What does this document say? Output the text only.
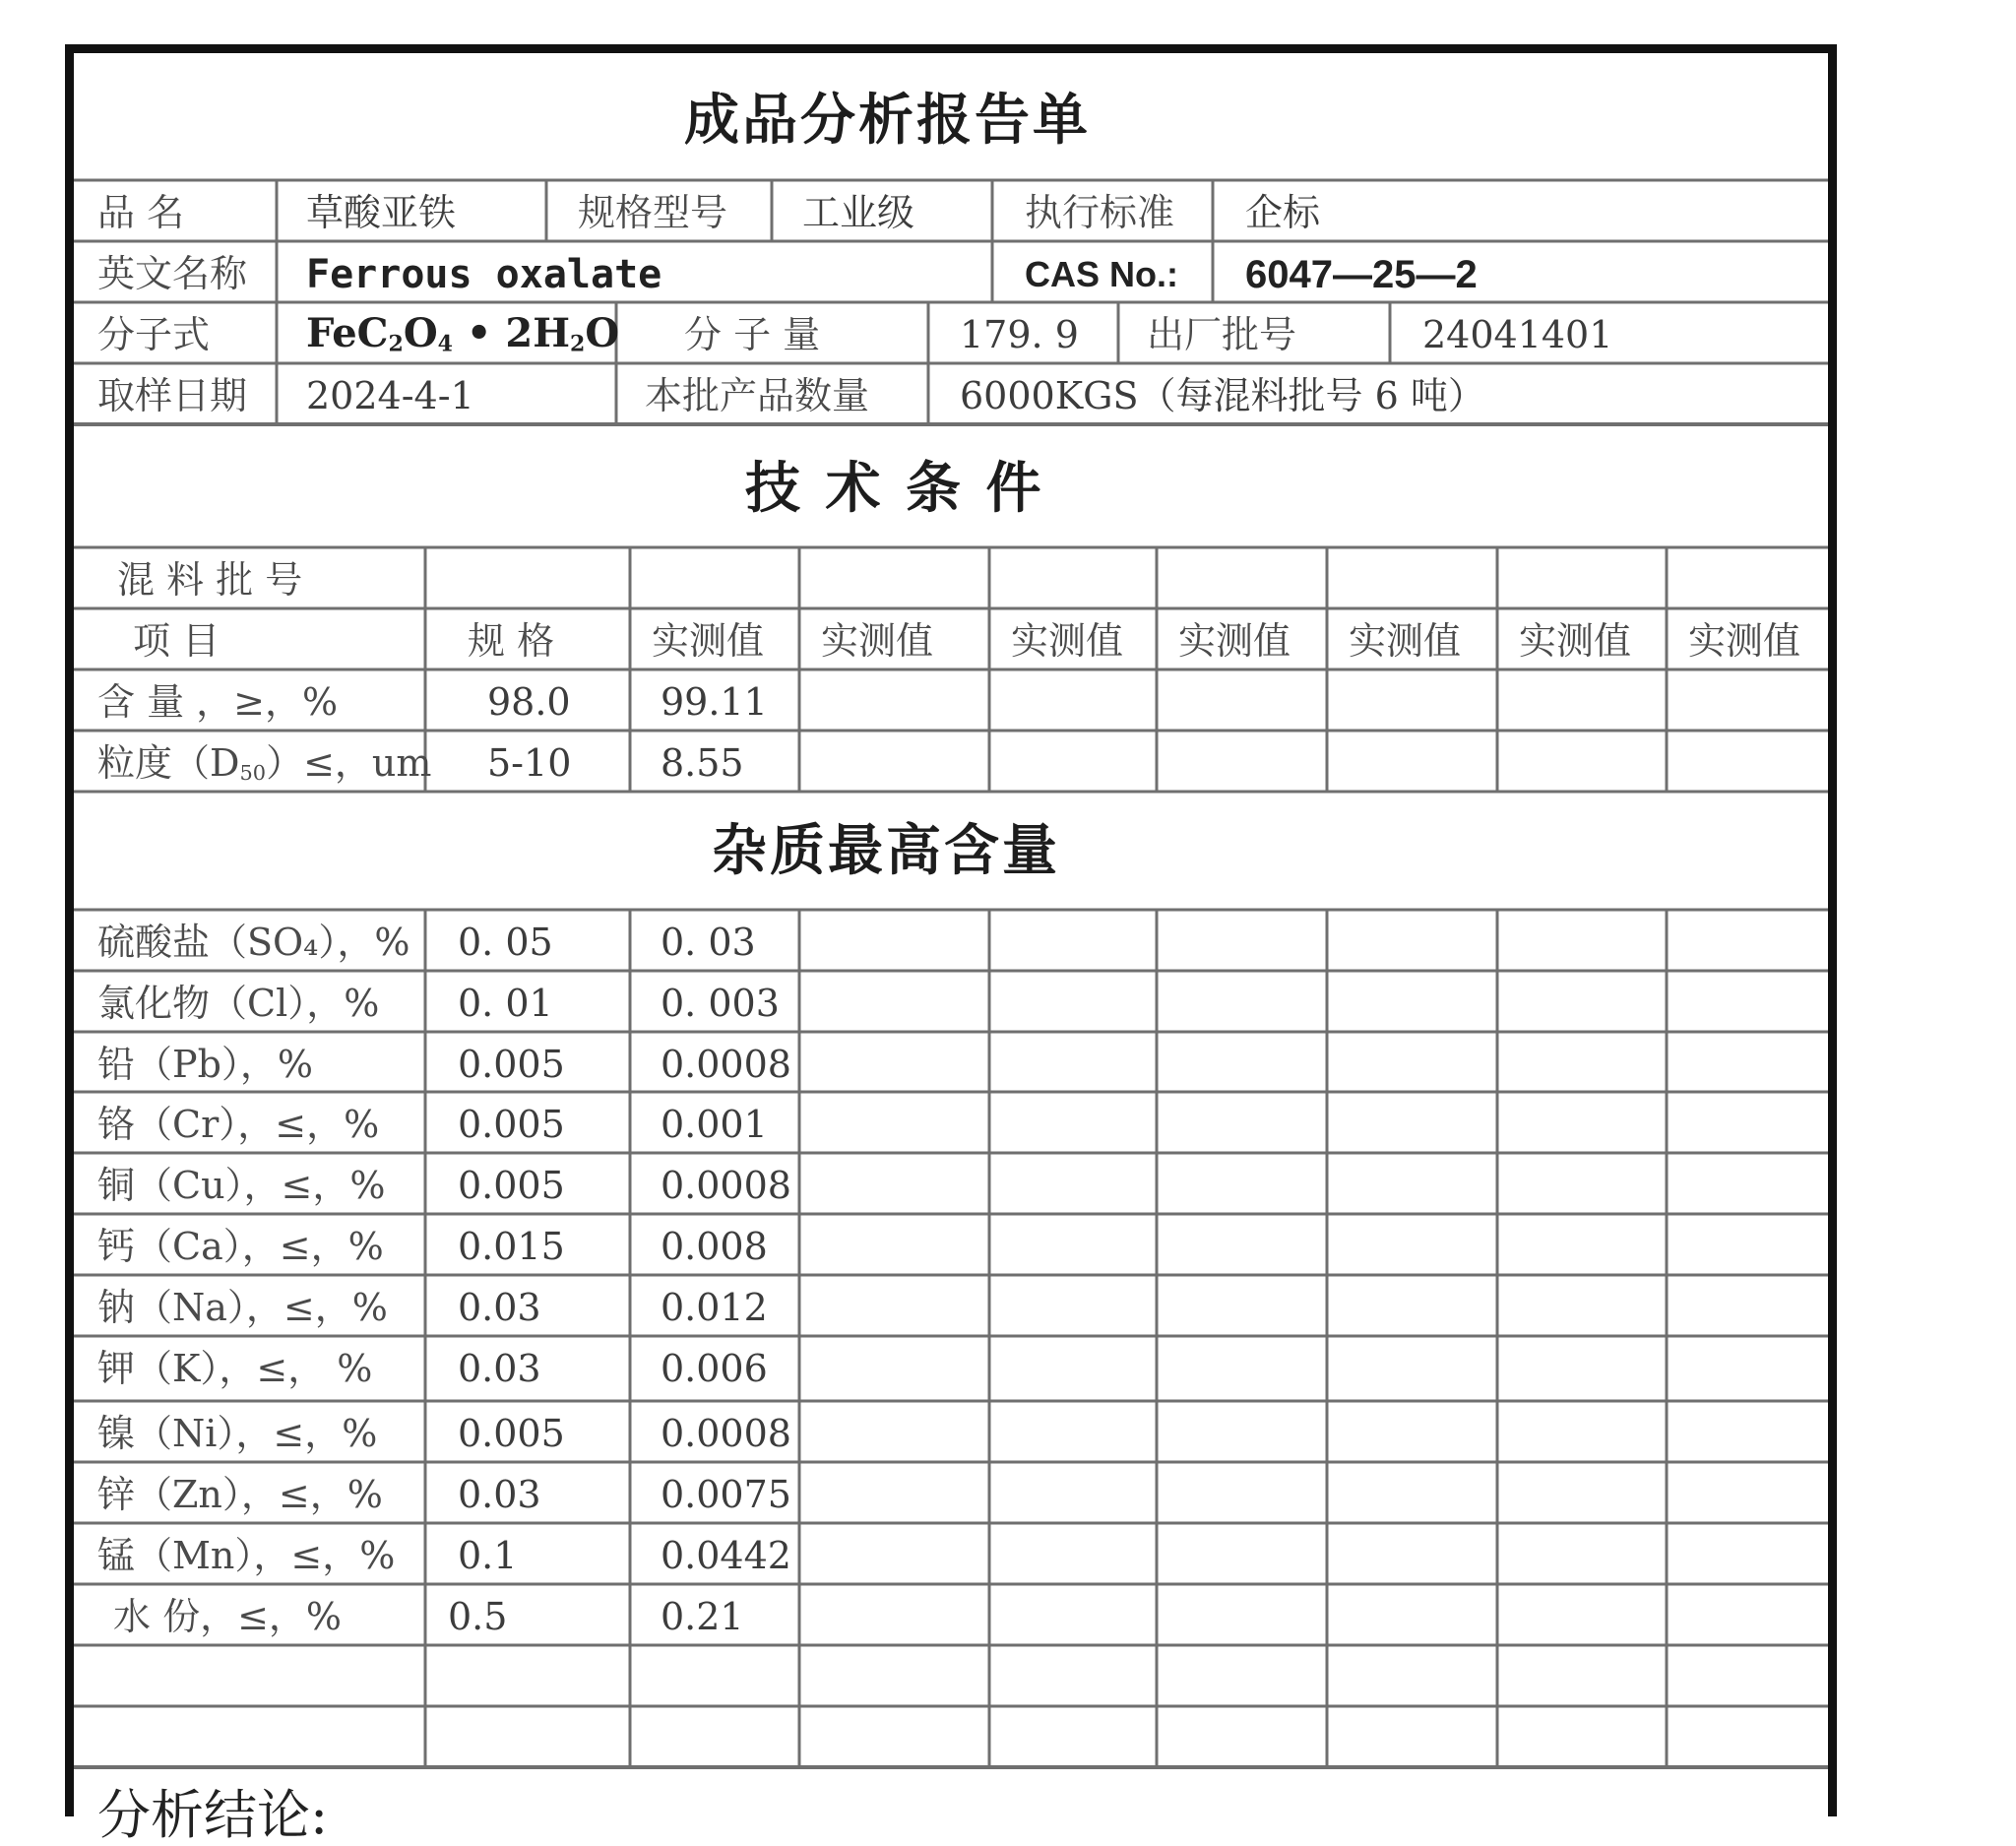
成品分析报告单
品 名	草酸亚铁	规格型号 工业级	执行标准 企标
英文名称 Ferrous oxalate	CAS No.: 6047—25—2
分子式 $FeC_2O_4$ • $2H_2O$ 分 子 量	179. 9 出厂批号	24041401
取样日期 2024-4-1	本批产品数量 6000KGS（每混料批号 6 吨）
技 术 条 件
混 料 批 号
项 目	规 格	实测值	实测值	实测值	实测值	实测值	实测值	实测值
含 量 ，≥，%	98.0 99.11
粒度$(D_{50})\le$，um 5-10 8.55
杂质最高含量
硫酸盐（SO₄），% 0. 05	0. 03
氯化物（Cl），% 0. 01	0. 003
铅（Pb），%	0.005	0.0008
铬（Cr），≤，% 0.005	0.001
铜（Cu），≤，% 0.005	0.0008
钙（Ca），≤，% 0.015	0.008
钠（Na），≤，% 0.03	0.012
钾（K），≤， % 0.03	0.006
镍（Ni），≤，% 0.005	0.0008
锌（Zn），≤，% 0.03	0.0075
锰（Mn），≤，% 0.1	0.0442
水 份，≤，%	0.5	0.21
分析结论:
